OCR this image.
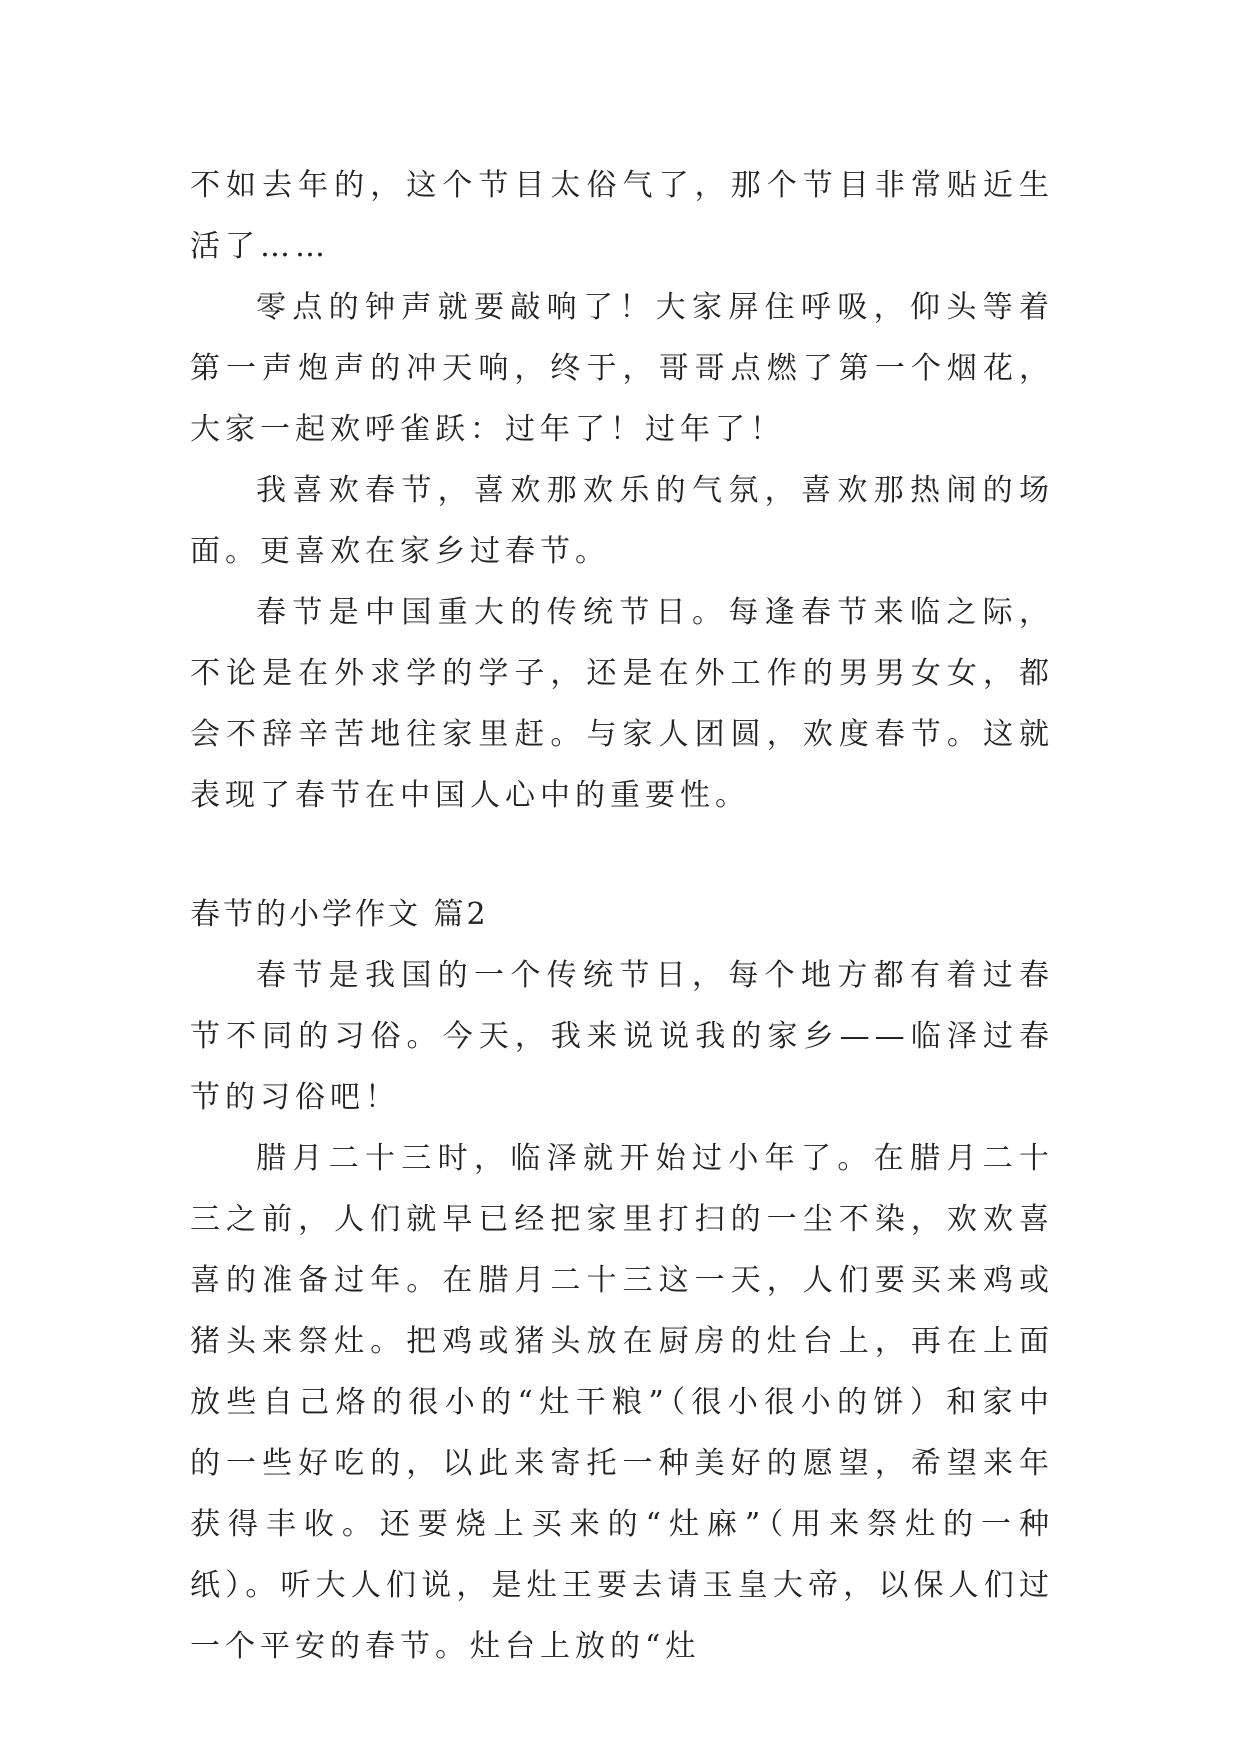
不如去年的，这个节目太俗气了，那个节目非常贴近生活了……

零点的钟声就要敲响了！大家屏住呼吸，仰头等着第一声炮声的冲天响，终于，哥哥点燃了第一个烟花，大家一起欢呼雀跃：过年了！过年了！

我喜欢春节，喜欢那欢乐的气氛，喜欢那热闹的场面。更喜欢在家乡过春节。

春节是中国重大的传统节日。每逢春节来临之际，不论是在外求学的学子，还是在外工作的男男女女，都会不辞辛苦地往家里赶。与家人团圆，欢度春节。这就表现了春节在中国人心中的重要性。

春节的小学作文 篇2

春节是我国的一个传统节日，每个地方都有着过春节不同的习俗。今天，我来说说我的家乡——临泽过春节的习俗吧！

腊月二十三时，临泽就开始过小年了。在腊月二十三之前，人们就早已经把家里打扫的一尘不染，欢欢喜喜的准备过年。在腊月二十三这一天，人们要买来鸡或猪头来祭灶。把鸡或猪头放在厨房的灶台上，再在上面放些自己烙的很小的“灶干粮”（很小很小的饼）和家中的一些好吃的，以此来寄托一种美好的愿望，希望来年获得丰收。还要烧上买来的“灶麻”（用来祭灶的一种纸）。听大人们说，是灶王要去请玉皇大帝，以保人们过一个平安的春节。灶台上放的“灶
